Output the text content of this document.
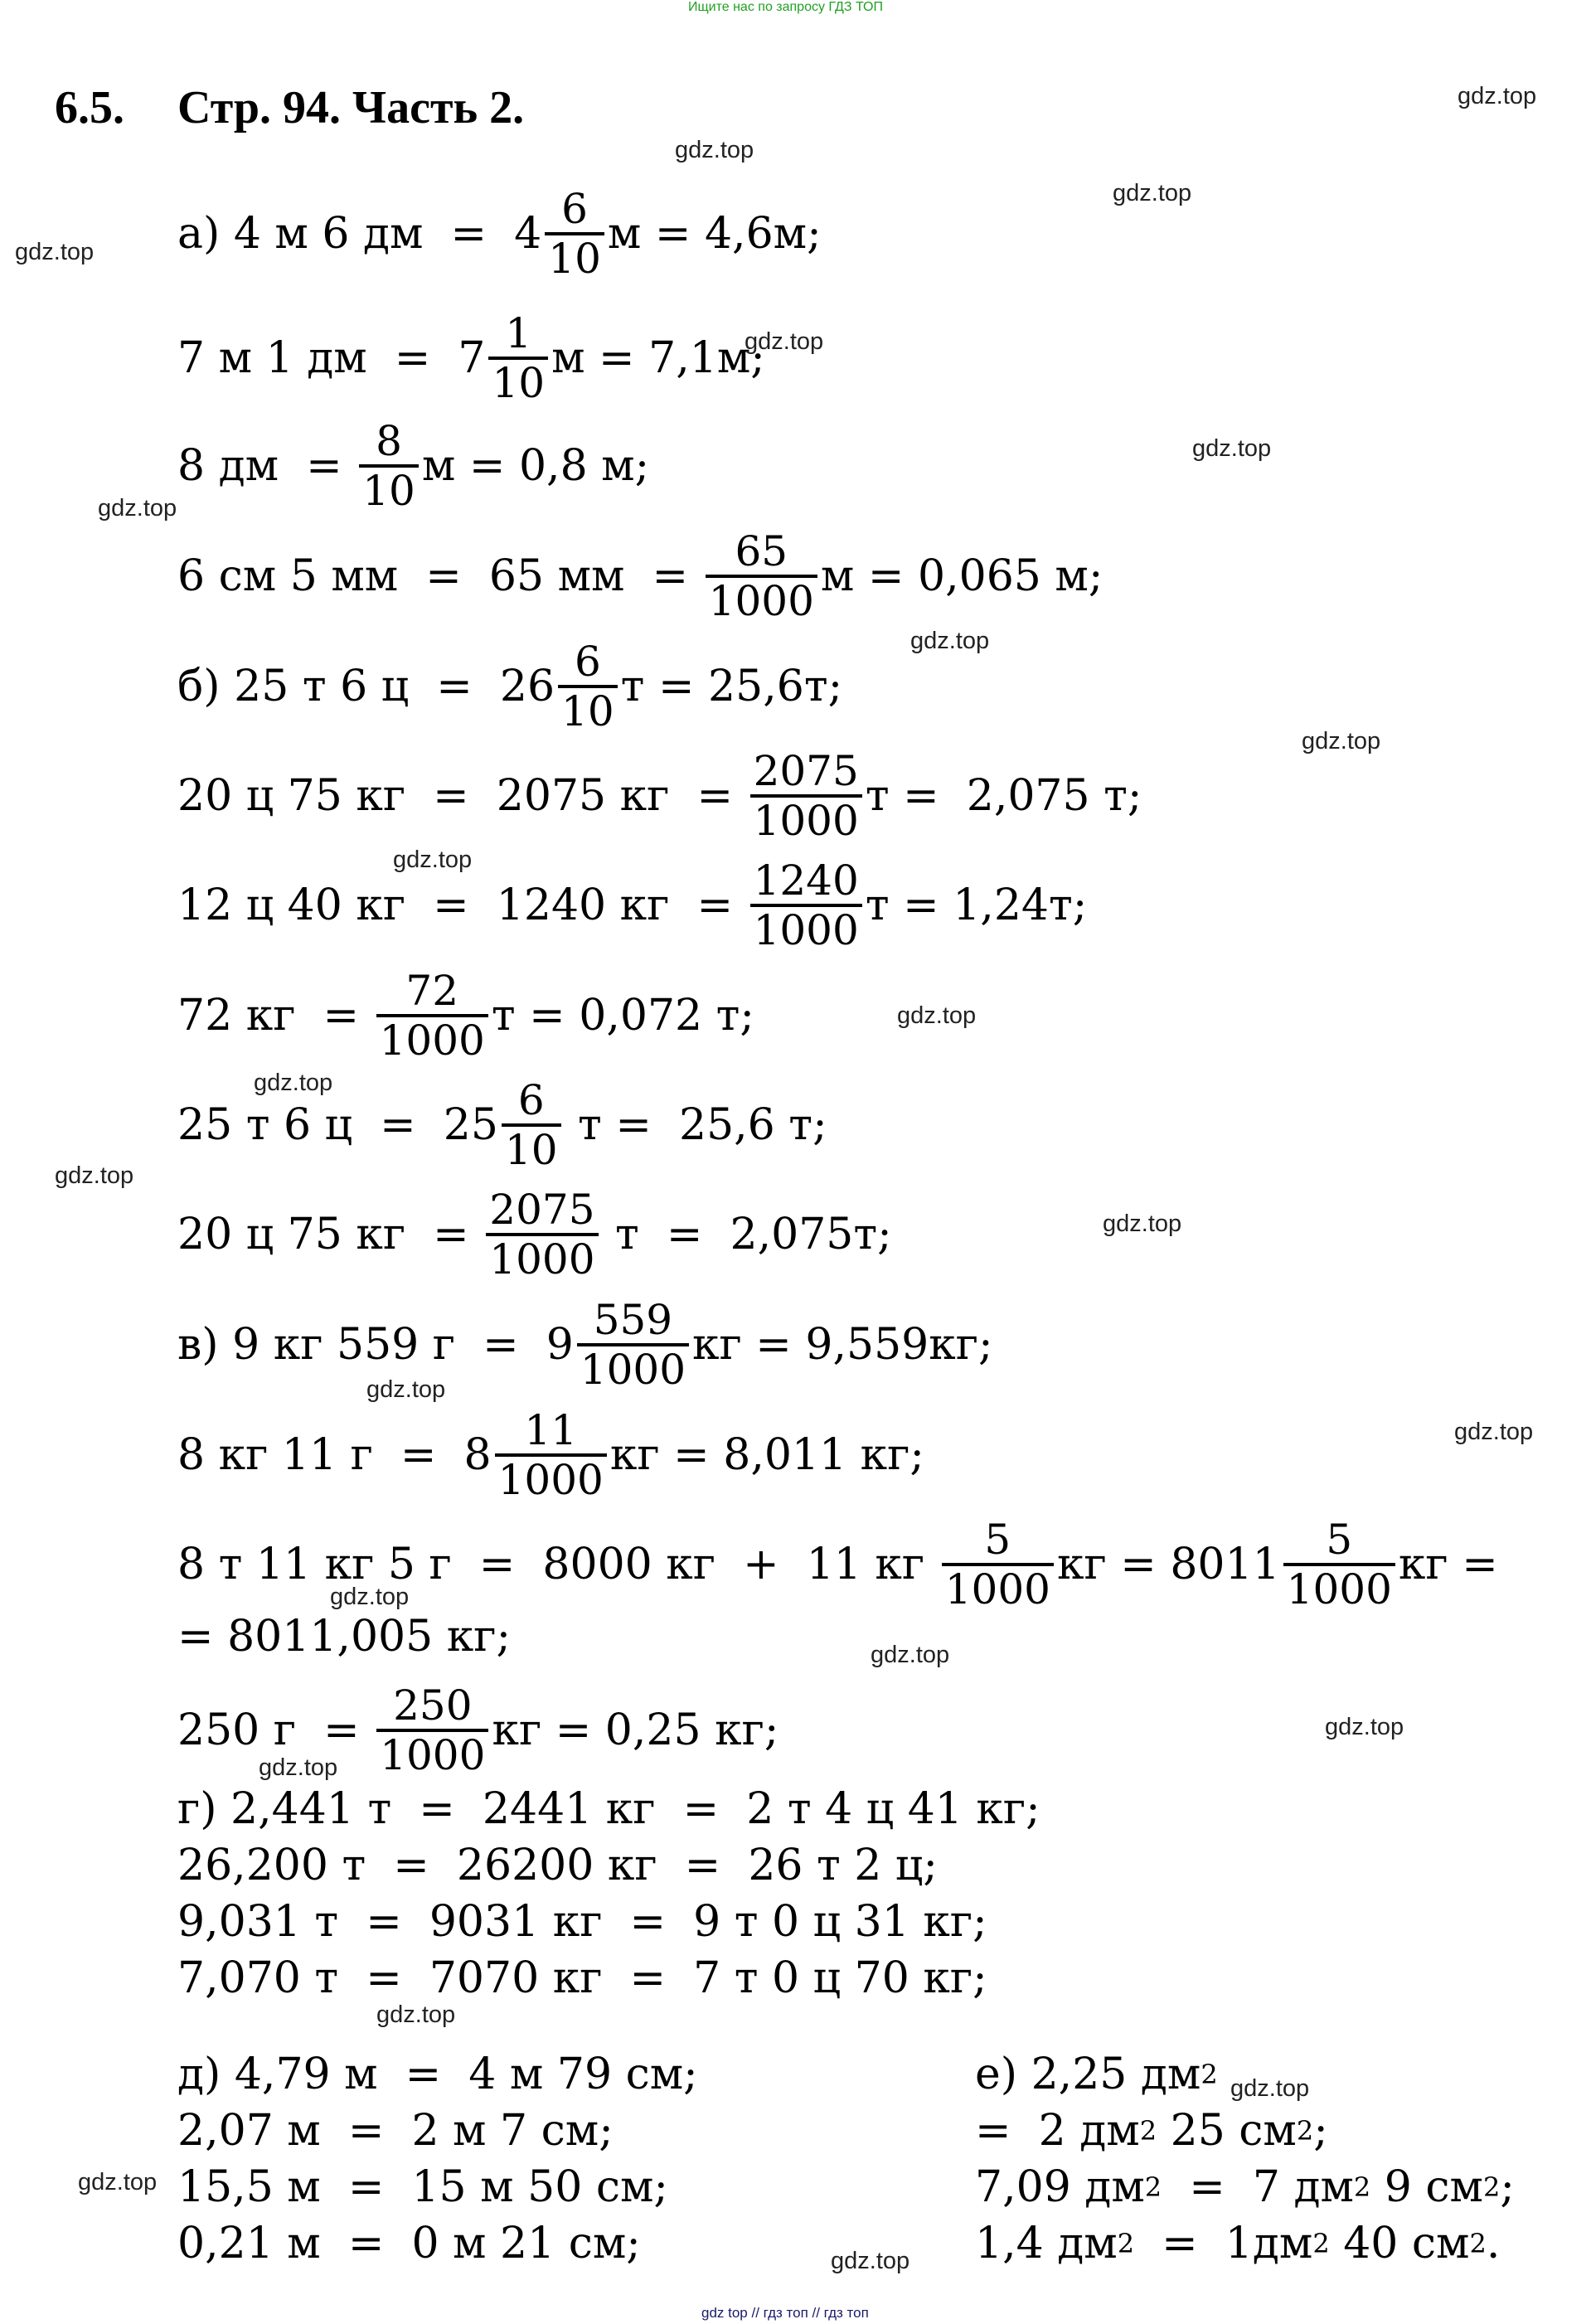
Ищите нас по запросу ГДЗ ТОП
6.5. Стр. 94. Часть 2.
а) 4 м 6 дм  =  $4 \frac{6}{10}$ м = 4,6м;
7 м 1 дм  =  $7 \frac{1}{10}$ м = 7,1м;
8 дм  = $\frac{8}{10}$ м = 0,8 м;
6 см 5 мм  =  65 мм  = $\frac{65}{1000}$ м = 0,065 м;
б) 25 т 6 $ц = 26 \frac{6}{10}$ т = 25,6т;
20 ц 75 кг  =  2075 кг  = $\frac{2075}{1000}$ т =  2,075 т;
12 ц 40 кг  =  1240 кг  = $\frac{1240}{1000}$ т = 1,24т;
72 кг  = $\frac{72}{1000}$ т = 0,072 т;
25 т 6 $ц = 25 \frac{6}{10}$ т =  25,6 т;
20 ц 75 кг  = $\frac{2075}{1000}$ т  =  2,075т;
в) 9 кг 559 $г = 9 \frac{559}{1000}$ кг = 9,559кг;
8 кг 11 $г = 8 \frac{11}{1000}$ кг = 8,011 кг;
8 т 11 кг 5 г  =  8000 кг  +  11 кг $\frac{5}{1000}$ кг = $8011 \frac{5}{1000}$ кг =
= 8011,005 кг;
250 $г = \frac{250}{1000}$ кг = 0,25 кг;
г) 2,441 т  =  2441 кг  =  2 т 4 ц 41 кг;
26,200 т  =  26200 кг  =  26 т 2 ц;
9,031 т  =  9031 кг  =  9 т 0 ц 31 кг;
7,070 т  =  7070 кг  =  7 т 0 ц 70 кг;
д) 4,79 м  =  4 м 79 см;
2,07 м  =  2 м 7 см;
15,5 м  =  15 м 50 см;
0,21 м  =  0 м 21 см;
е) 2,25 дм 2
=  2 дм 2 25 см 2 ;
7,09 дм 2 =  7 дм 2 9 см 2 ;
1,4 дм 2 =  1дм 2 40 см 2 .
gdz.top
gdz.top
gdz.top
gdz.top
gdz.top
gdz.top
gdz.top
gdz.top
gdz.top
gdz.top
gdz.top
gdz.top
gdz.top
gdz.top
gdz.top
gdz.top
gdz.top
gdz.top
gdz.top
gdz.top
gdz.top
gdz.top
gdz.top
gdz.top
gdz top // гдз топ // гдз топ
